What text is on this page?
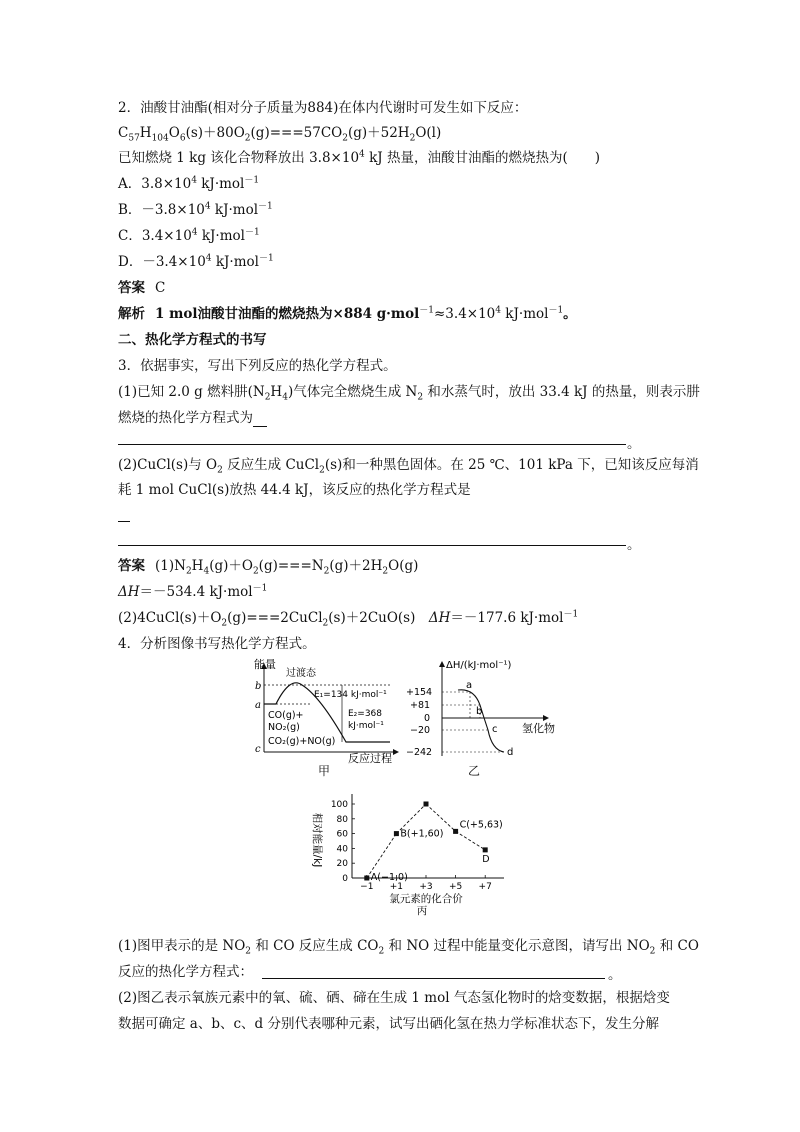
2．油酸甘油酯(相对分子质量为884)在体内代谢时可发生如下反应：
$C_{57}H_{104}O_6(s)+80O_2(g)===57CO_2(g)+52H_2O(l)$
已知燃烧 1 kg 该化合物释放出 $3.8\times 10^4$ kJ 热量，油酸甘油酯的燃烧热为(　　)
A．$3.8\times 10^4$ kJ·mol$^{-1}$
B．$-3.8\times 10^4$ kJ·mol$^{-1}$
C．$3.4\times 10^4$ kJ·mol$^{-1}$
D．$-3.4\times 10^4$ kJ·mol$^{-1}$
答案 C
解析 1 mol油酸甘油酯的燃烧热为×884 $g\cdot mol^{-1}\approx 3.4\times 10^4$ kJ·mol$^{-1}$。
二、热化学方程式的书写
3．依据事实，写出下列反应的热化学方程式。
(1)已知 2.0 g 燃料肼$(N_2H_4)$气体完全燃烧生成 $N_2$ 和水蒸气时，放出 33.4 kJ 的热量，则表示肼
燃烧的热化学方程式为
。
(2)CuCl(s)与 $O_2$ 反应生成 CuCl$_2$(s)和一种黑色固体。在 25 ℃、101 kPa 下，已知该反应每消
耗 1 mol CuCl(s)放热 44.4 kJ，该反应的热化学方程式是
。
答案 $(1)N_2H_4(g)+O_2(g)===N_2(g)+2H_2O(g)$
ΔH＝－534.4 kJ·mol$^{-1}$
$(2)4CuCl(s)+O_2(g)===2CuCl_2(s)+2CuO(s)$　ΔH＝－177.6 kJ·mol$^{-1}$
4．分析图像书写热化学方程式。
能量
反应过程
b
a
c
过渡态
E₁=134 kJ·mol⁻¹
E₂=368
kJ·mol⁻¹
CO(g)+
NO₂(g)
CO₂(g)+NO(g)
甲
ΔH/(kJ·mol⁻¹)
氢化物
+154
+81
0
−20
−242
a
b
c
d
乙
0
20
40
60
80
100
−1 +1 +3 +5 +7
相对能量/kJ
氯元素的化合价
丙
A(−1,0)
B(+1,60)
C(+5,63)
D
(1)图甲表示的是 $NO_2$ 和 CO 反应生成 $CO_2$ 和 NO 过程中能量变化示意图，请写出 $NO_2$ 和 CO
反应的热化学方程式：	。
(2)图乙表示氧族元素中的氧、硫、硒、碲在生成 1 mol 气态氢化物时的焓变数据，根据焓变
数据可确定 a、b、c、d 分别代表哪种元素，试写出硒化氢在热力学标准状态下，发生分解
